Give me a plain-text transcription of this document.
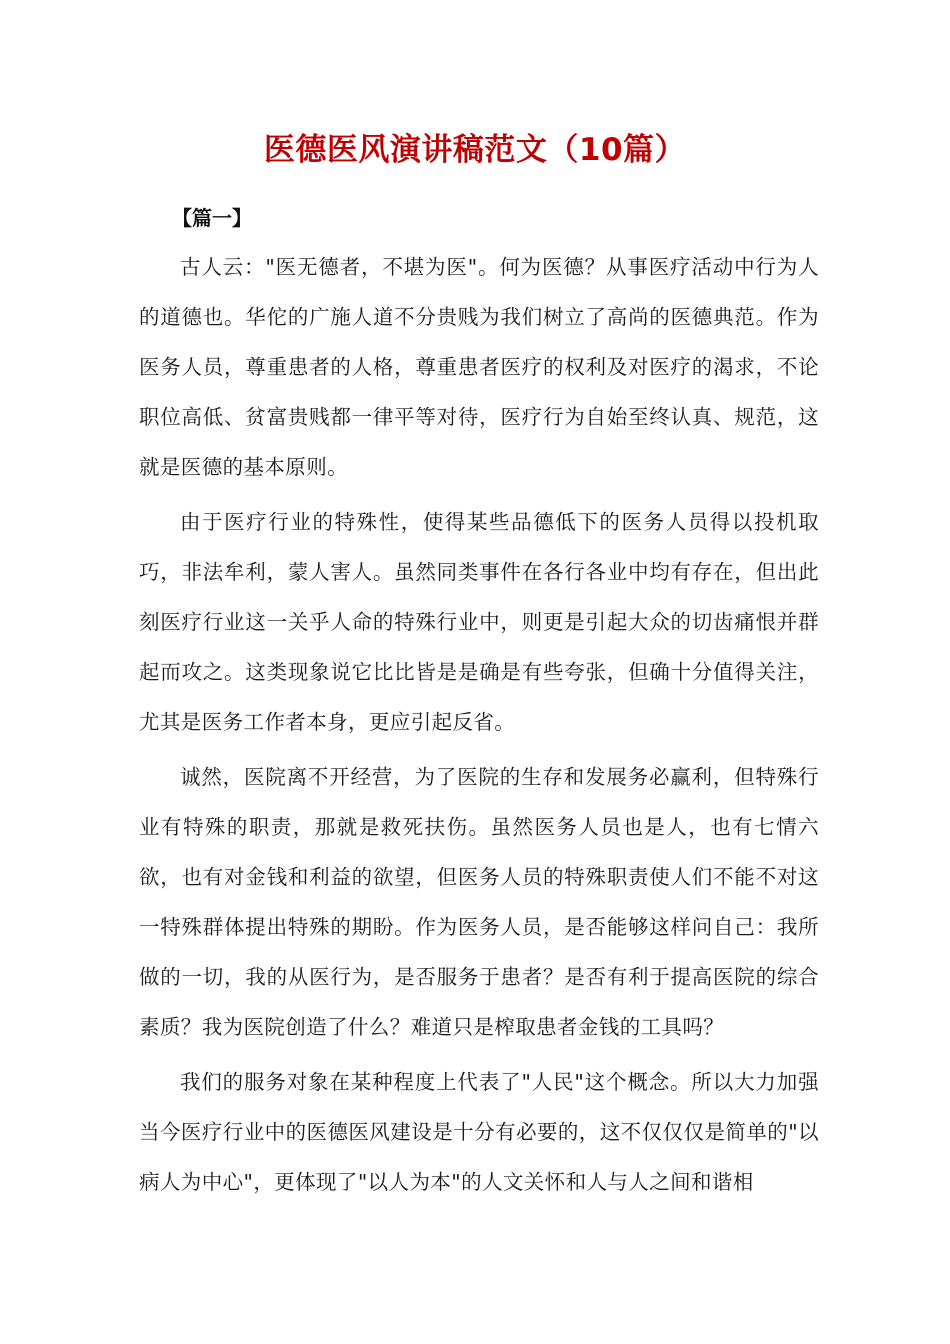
医德医风演讲稿范文（10篇）
【篇一】

古人云："医无德者，不堪为医"。何为医德？从事医疗活动中行为人的道德也。华佗的广施人道不分贵贱为我们树立了高尚的医德典范。作为医务人员，尊重患者的人格，尊重患者医疗的权利及对医疗的渴求，不论职位高低、贫富贵贱都一律平等对待，医疗行为自始至终认真、规范，这就是医德的基本原则。

由于医疗行业的特殊性，使得某些品德低下的医务人员得以投机取巧，非法牟利，蒙人害人。虽然同类事件在各行各业中均有存在，但出此刻医疗行业这一关乎人命的特殊行业中，则更是引起大众的切齿痛恨并群起而攻之。这类现象说它比比皆是是确是有些夸张，但确十分值得关注，尤其是医务工作者本身，更应引起反省。

诚然，医院离不开经营，为了医院的生存和发展务必赢利，但特殊行业有特殊的职责，那就是救死扶伤。虽然医务人员也是人，也有七情六欲，也有对金钱和利益的欲望，但医务人员的特殊职责使人们不能不对这一特殊群体提出特殊的期盼。作为医务人员，是否能够这样问自己：我所做的一切，我的从医行为，是否服务于患者？是否有利于提高医院的综合素质？我为医院创造了什么？难道只是榨取患者金钱的工具吗？

我们的服务对象在某种程度上代表了"人民"这个概念。所以大力加强当今医疗行业中的医德医风建设是十分有必要的，这不仅仅仅是简单的"以病人为中心"，更体现了"以人为本"的人文关怀和人与人之间和谐相
